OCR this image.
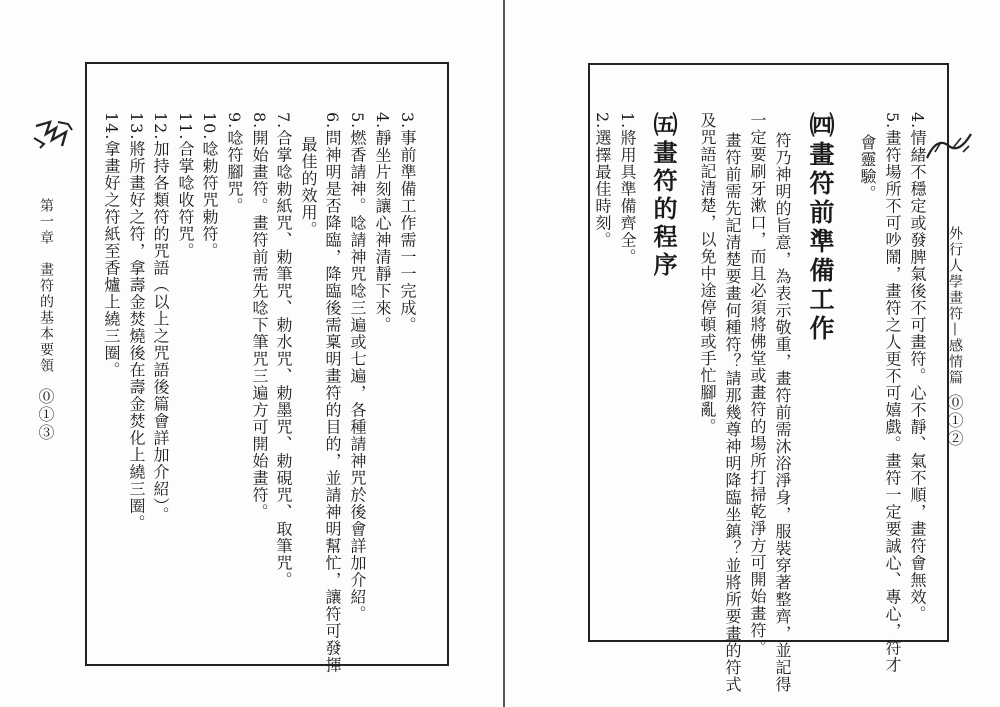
第一章　畫符的基本要領
⓪①③
3.事前準備工作需一一完成。
4.靜坐片刻讓心神清靜下來。
5.燃香請神。唸請神咒唸三遍或七遍，各種請神咒於後會詳加介紹。
6.問神明是否降臨，降臨後需稟明畫符的目的，並請神明幫忙，讓符可發揮
最佳的效用。
7.合掌唸勅紙咒、勅筆咒、勅水咒、勅墨咒、勅硯咒、取筆咒。
8.開始畫符。畫符前需先唸下筆咒三遍方可開始畫符。
9.唸符腳咒。
10.唸勅符咒勅符。
11.合掌唸收符咒。
12.加持各類符的咒語（以上之咒語後篇會詳加介紹）。
13.將所畫好之符，拿壽金焚燒後在壽金焚化上繞三圈。
14.拿畫好之符紙至香爐上繞三圈。	外行人學畫符—感情篇
⓪①②
4.情緒不穩定或發脾氣後不可畫符。心不靜、氣不順，畫符會無效。
5.畫符場所不可吵鬧，畫符之人更不可嬉戲。畫符一定要誠心、專心，符才
會靈驗。
㈣畫符前準備工作
符乃神明的旨意，為表示敬重，畫符前需沐浴淨身，服裝穿著整齊，並記得
一定要刷牙漱口，而且必須將佛堂或畫符的場所打掃乾淨方可開始畫符。
畫符前需先記清楚要畫何種符？請那幾尊神明降臨坐鎮？並將所要畫的符式
及咒語記清楚，以免中途停頓或手忙腳亂。
㈤畫符的程序
1.將用具準備齊全。
2.選擇最佳時刻。
